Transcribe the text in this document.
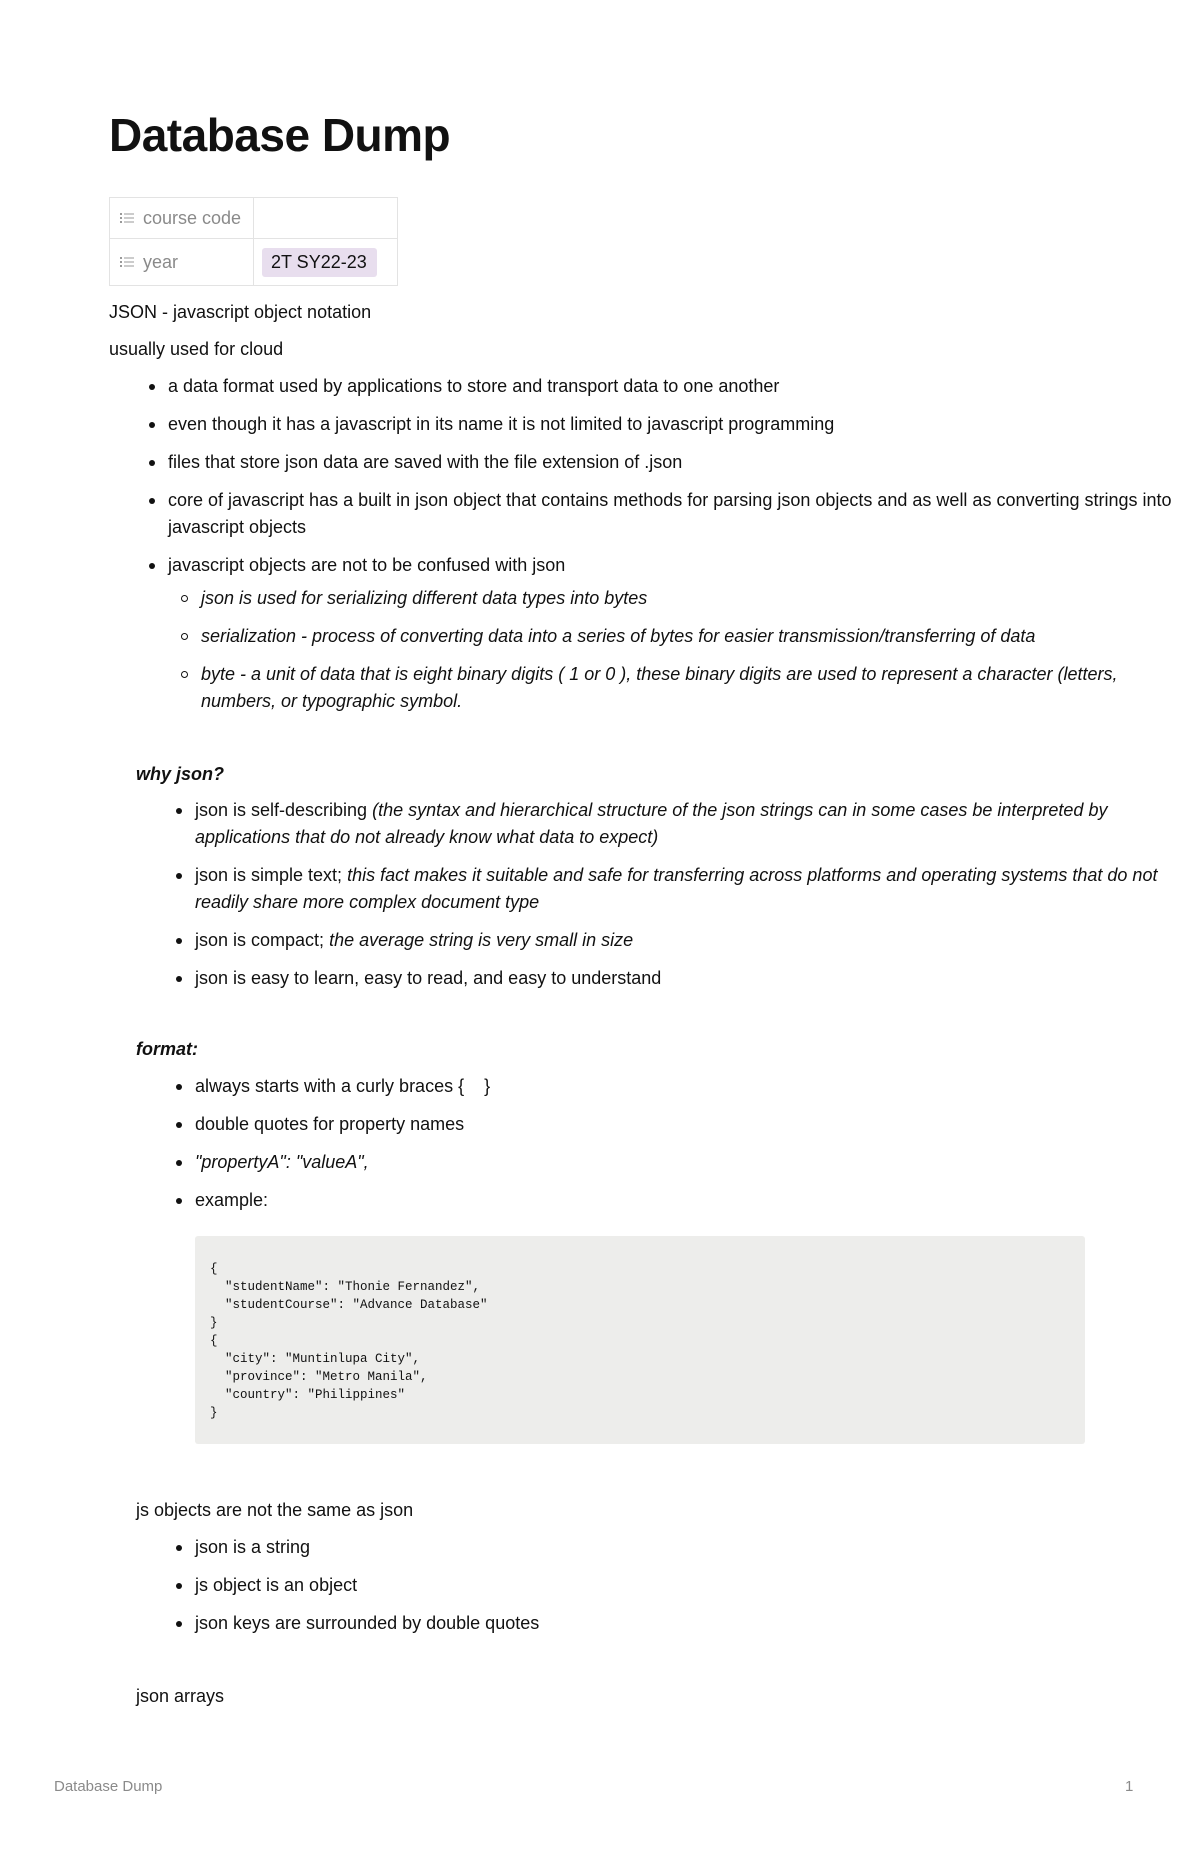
Database Dump
course code	
year	2T SY22-23

JSON - javascript object notation

usually used for cloud

a data format used by applications to store and transport data to one another
even though it has a javascript in its name it is not limited to javascript programming
files that store json data are saved with the file extension of .json
core of javascript has a built in json object that contains methods for parsing json objects and as well as converting strings into javascript objects
javascript objects are not to be confused with json
json is used for serializing different data types into bytes
serialization - process of converting data into a series of bytes for easier transmission/transferring of data
byte - a unit of data that is eight binary digits ( 1 or 0 ), these binary digits are used to represent a character (letters, numbers, or typographic symbol.

why json?

json is self-describing (the syntax and hierarchical structure of the json strings can in some cases be interpreted by applications that do not already know what data to expect)
json is simple text; this fact makes it suitable and safe for transferring across platforms and operating systems that do not readily share more complex document type
json is compact; the average string is very small in size
json is easy to learn, easy to read, and easy to understand

format:

always starts with a curly braces {    }
double quotes for property names
"propertyA": "valueA",
example:

js objects are not the same as json

json is a string
js object is an object
json keys are surrounded by double quotes

json arrays

{
"studentName": "Thonie Fernandez",
"studentCourse": "Advance Database"
}
{
"city": "Muntinlupa City",
"province": "Metro Manila",
"country": "Philippines"
}
Database Dump	1
